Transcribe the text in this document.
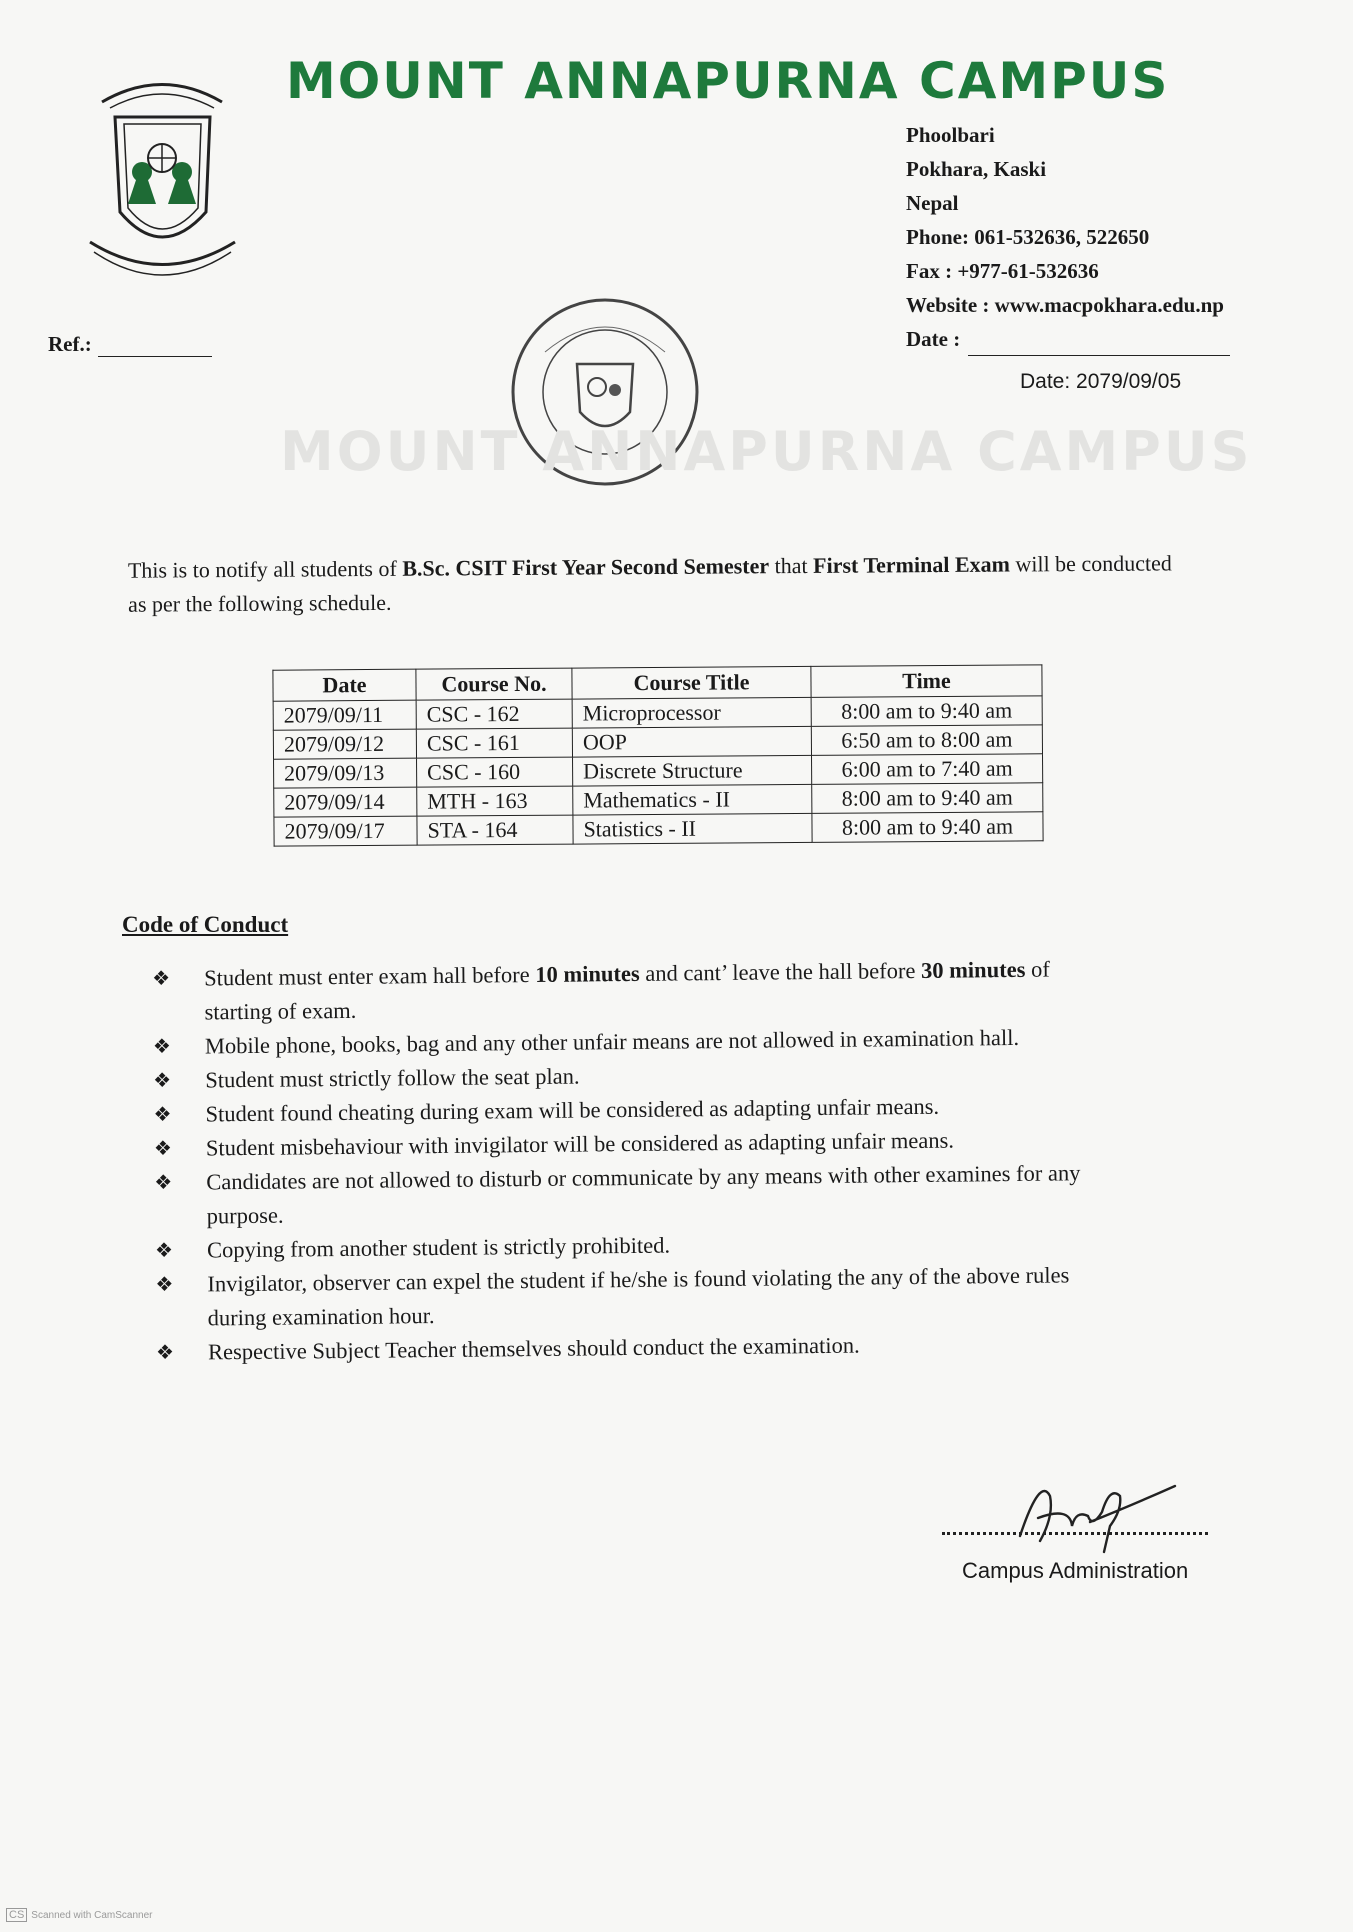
MOUNT ANNAPURNA CAMPUS
Phoolbari
Pokhara, Kaski
Nepal
Phone: 061-532636, 522650
Fax : +977-61-532636
Website : www.macpokhara.edu.np
Date :
Ref.:
Date: 2079/09/05
MOUNT ANNAPURNA CAMPUS
This is to notify all students of B.Sc. CSIT First Year Second Semester that First Terminal Exam will be conducted as per the following schedule.
Date	Course No.	Course Title	Time
2079/09/11	CSC - 162	Microprocessor	8:00 am to 9:40 am
2079/09/12	CSC - 161	OOP	6:50 am to 8:00 am
2079/09/13	CSC - 160	Discrete Structure	6:00 am to 7:40 am
2079/09/14	MTH - 163	Mathematics - II	8:00 am to 9:40 am
2079/09/17	STA - 164	Statistics - II	8:00 am to 9:40 am
Code of Conduct
❖ Student must enter exam hall before 10 minutes and cant’ leave the hall before 30 minutes of
starting of exam.
❖ Mobile phone, books, bag and any other unfair means are not allowed in examination hall.
❖ Student must strictly follow the seat plan.
❖ Student found cheating during exam will be considered as adapting unfair means.
❖ Student misbehaviour with invigilator will be considered as adapting unfair means.
❖ Candidates are not allowed to disturb or communicate by any means with other examines for any
purpose.
❖ Copying from another student is strictly prohibited.
❖ Invigilator, observer can expel the student if he/she is found violating the any of the above rules
during examination hour.
❖ Respective Subject Teacher themselves should conduct the examination.
Campus Administration
CS Scanned with CamScanner
